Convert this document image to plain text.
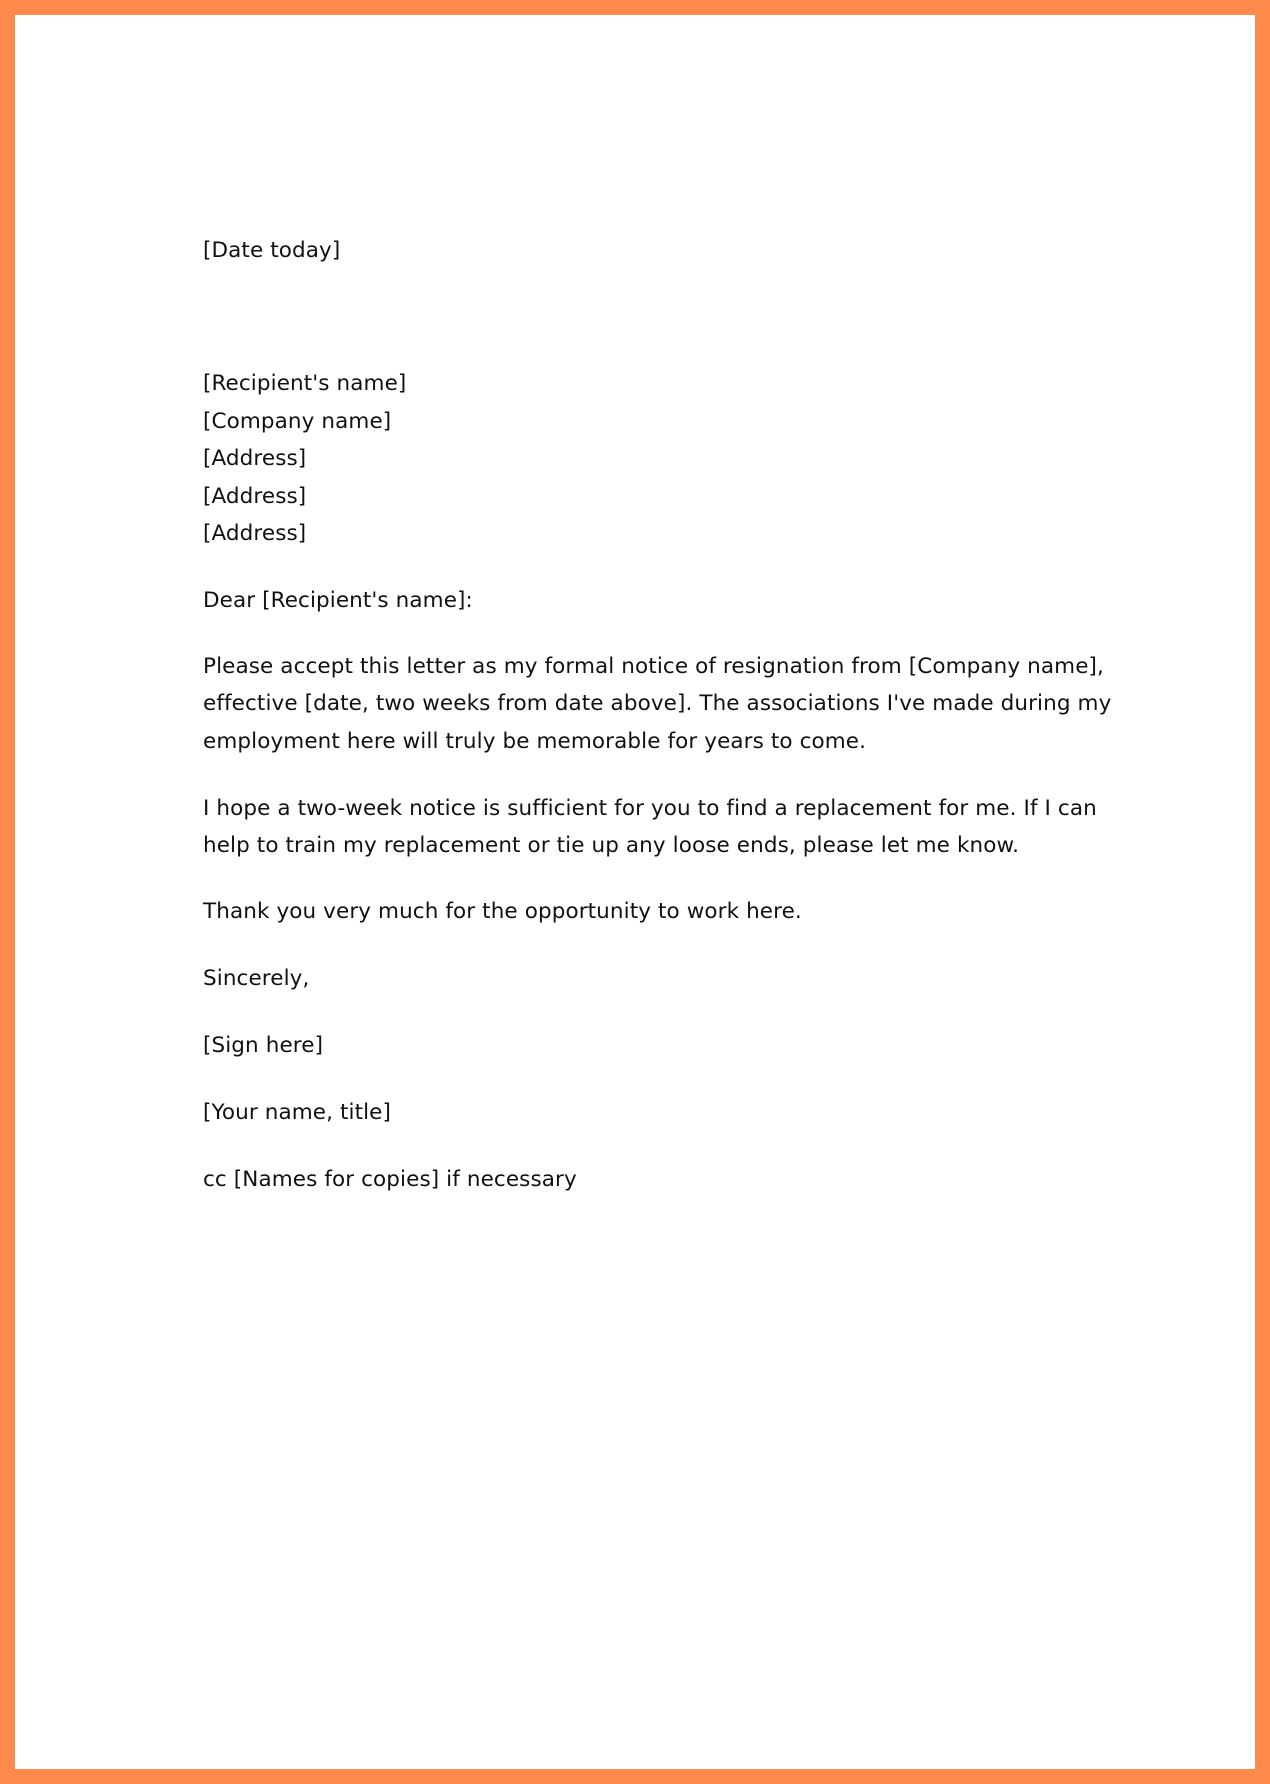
[Date today]
[Recipient's name]
[Company name]
[Address]
[Address]
[Address]
Dear [Recipient's name]:
Please accept this letter as my formal notice of resignation from [Company name],
effective [date, two weeks from date above]. The associations I've made during my
employment here will truly be memorable for years to come.
I hope a two-week notice is sufficient for you to find a replacement for me. If I can
help to train my replacement or tie up any loose ends, please let me know.
Thank you very much for the opportunity to work here.
Sincerely,
[Sign here]
[Your name, title]
cc [Names for copies] if necessary
